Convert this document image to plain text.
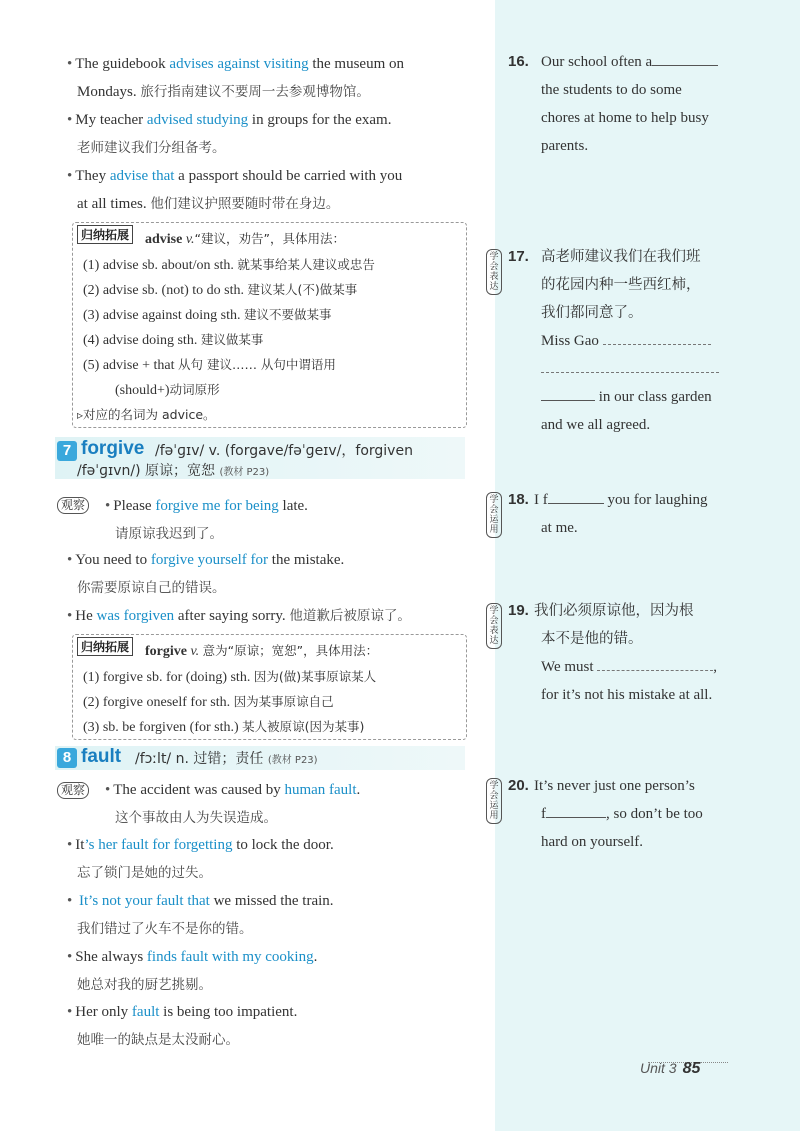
• The guidebook advises against visiting the museum on
Mondays. 旅行指南建议不要周一去参观博物馆。
• My teacher advised studying in groups for the exam.
老师建议我们分组备考。
• They advise that a passport should be carried with you
at all times. 他们建议护照要随时带在身边。
归纳拓展 advise v.“建议，劝告”，具体用法：
(1) advise sb. about/on sth. 就某事给某人建议或忠告
(2) advise sb. (not) to do sth. 建议某人(不)做某事
(3) advise against doing sth. 建议不要做某事
(4) advise doing sth. 建议做某事
(5) advise + that 从句 建议…… 从句中谓语用
(should+)动词原形
▹对应的名词为 advice。
7 forgive /fəˈɡɪv/ v. (forgave/fəˈɡeɪv/，forgiven
/fəˈɡɪvn/) 原谅；宽恕 (教材 P23)
观察 • Please forgive me for being late.
请原谅我迟到了。
• You need to forgive yourself for the mistake.
你需要原谅自己的错误。
• He was forgiven after saying sorry. 他道歉后被原谅了。
归纳拓展 forgive v. 意为“原谅；宽恕”，具体用法：
(1) forgive sb. for (doing) sth. 因为(做)某事原谅某人
(2) forgive oneself for sth. 因为某事原谅自己
(3) sb. be forgiven (for sth.) 某人被原谅(因为某事)
8 fault /fɔːlt/ n. 过错；责任 (教材 P23)
观察 • The accident was caused by human fault.
这个事故由人为失误造成。
• It’s her fault for forgetting to lock the door.
忘了锁门是她的过失。
• It’s not your fault that we missed the train.
我们错过了火车不是你的错。
• She always finds fault with my cooking.
她总对我的厨艺挑剔。
• Her only fault is being too impatient.
她唯一的缺点是太没耐心。
16. Our school often a
the students to do some
chores at home to help busy
parents.
学会表达
17. 高老师建议我们在我们班
的花园内种一些西红柿，
我们都同意了。
Miss Gao
in our class garden
and we all agreed.
学会运用
18. I f	you for laughing
at me.
学会表达
19. 我们必须原谅他，因为根
本不是他的错。
We must	,
for it’s not his mistake at all.
学会运用
20. It’s never just one person’s
f	, so don’t be too
hard on yourself.
Unit 3 85
